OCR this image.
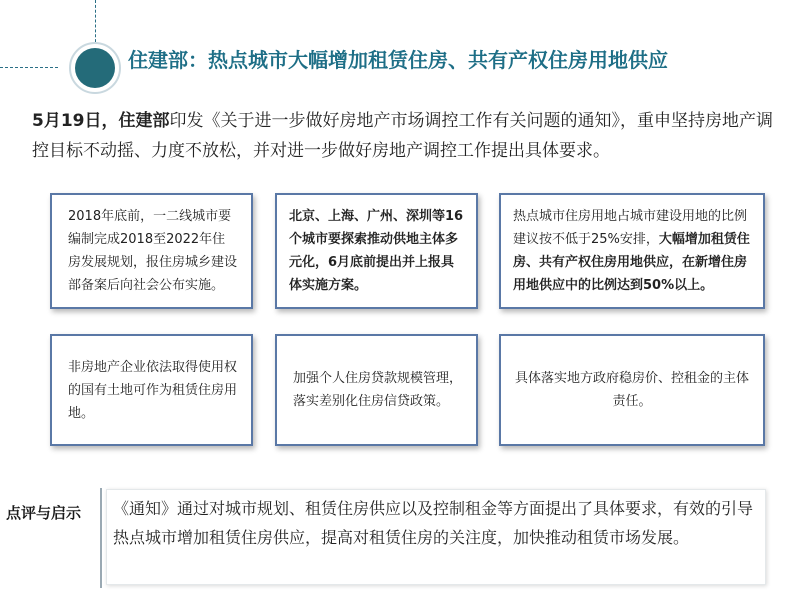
住建部：热点城市大幅增加租赁住房、共有产权住房用地供应
5月19日，住建部印发《关于进一步做好房地产市场调控工作有关问题的通知》，重申坚持房地产调控目标不动摇、力度不放松，并对进一步做好房地产调控工作提出具体要求。
2018年底前，一二线城市要编制完成2018至2022年住房发展规划，报住房城乡建设部备案后向社会公布实施。
北京、上海、广州、深圳等16个城市要探索推动供地主体多元化，6月底前提出并上报具体实施方案。
热点城市住房用地占城市建设用地的比例建议按不低于25%安排，大幅增加租赁住房、共有产权住房用地供应，在新增住房用地供应中的比例达到50%以上。
非房地产企业依法取得使用权的国有土地可作为租赁住房用地。
加强个人住房贷款规模管理，落实差别化住房信贷政策。
具体落实地方政府稳房价、控租金的主体责任。
点评与启示 《通知》通过对城市规划、租赁住房供应以及控制租金等方面提出了具体要求，有效的引导热点城市增加租赁住房供应，提高对租赁住房的关注度，加快推动租赁市场发展。
